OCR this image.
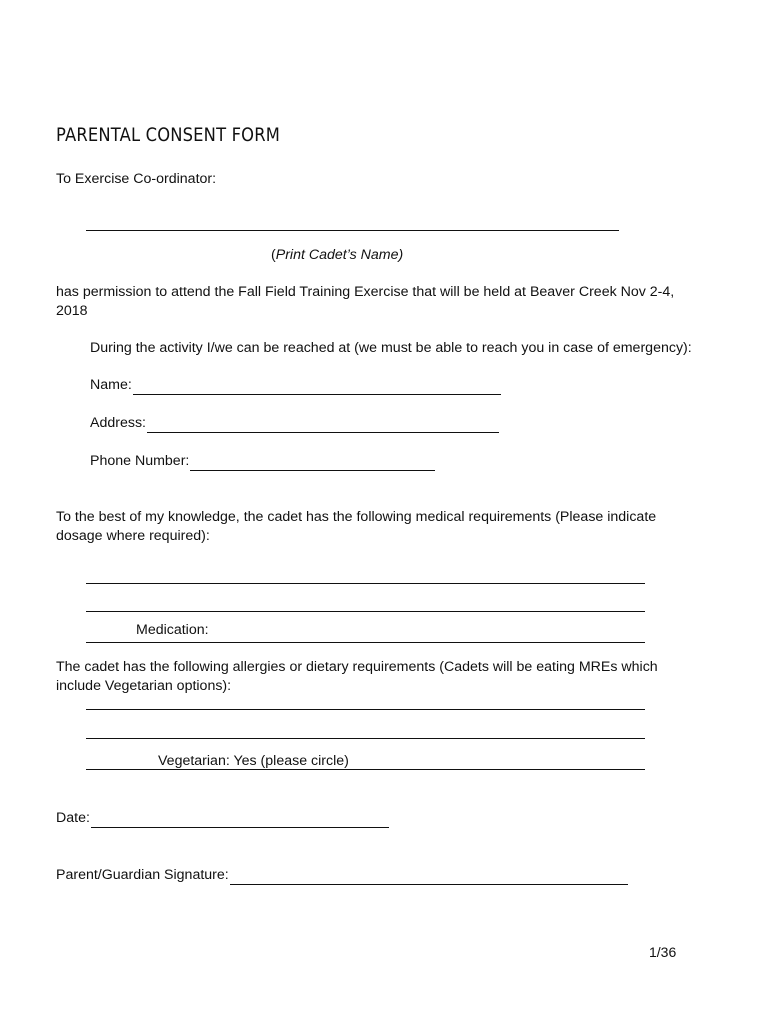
PARENTAL CONSENT FORM
To Exercise Co-ordinator:
(Print Cadet’s Name)
has permission to attend the Fall Field Training Exercise that will be held at Beaver Creek Nov 2-4, 2018
During the activity I/we can be reached at (we must be able to reach you in case of emergency):
Name:
Address:
Phone Number:
To the best of my knowledge, the cadet has the following medical requirements (Please indicate dosage where required):
Medication:
The cadet has the following allergies or dietary requirements (Cadets will be eating MREs which include Vegetarian options):
Vegetarian: Yes (please circle)
Date:
Parent/Guardian Signature:
1/36
